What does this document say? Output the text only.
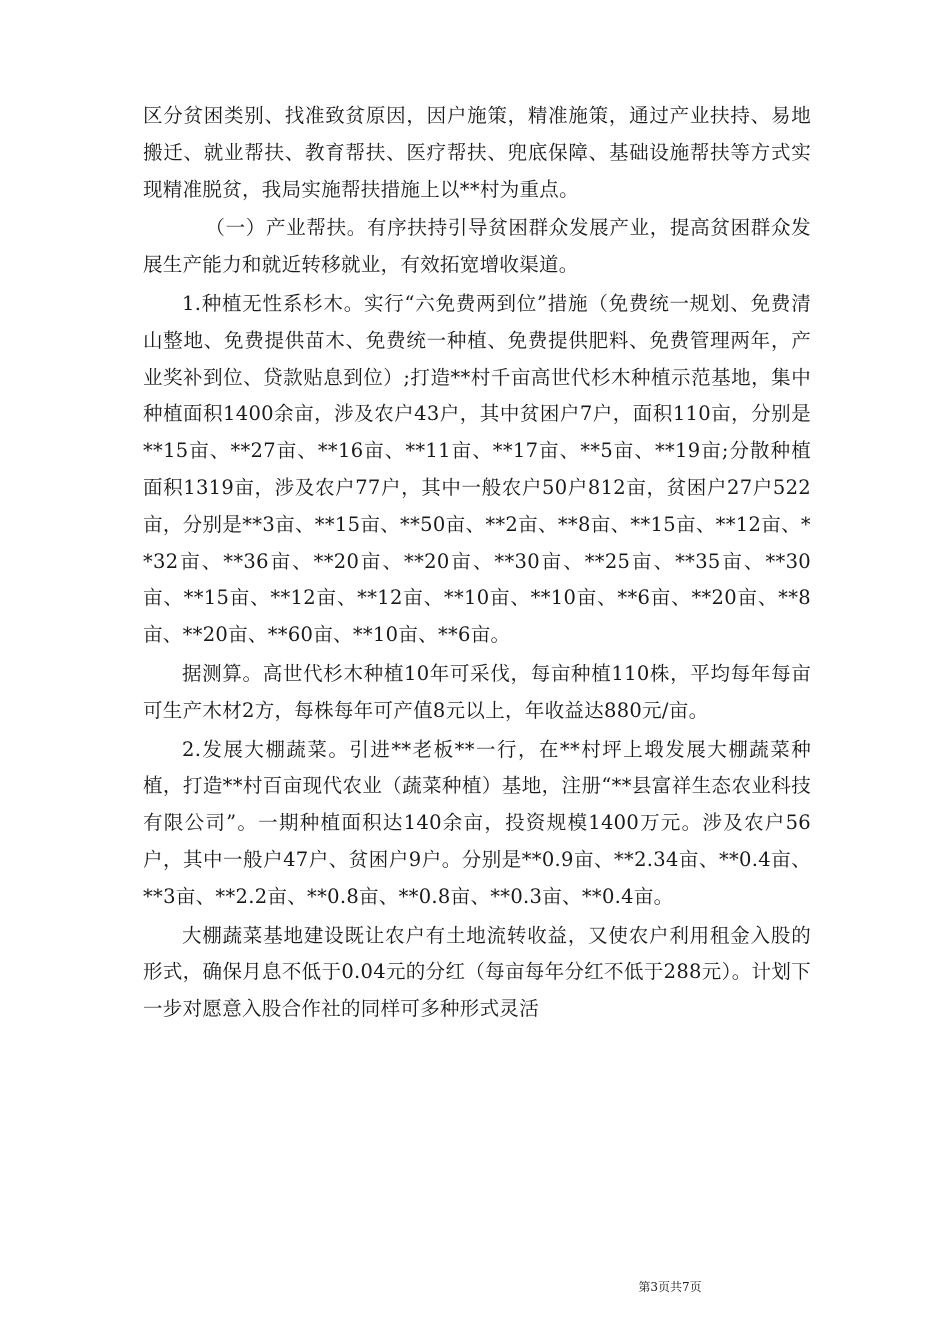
区分贫困类别、找准致贫原因，因户施策，精准施策，通过产业扶持、易地搬迁、就业帮扶、教育帮扶、医疗帮扶、兜底保障、基础设施帮扶等方式实现精准脱贫，我局实施帮扶措施上以**村为重点。

（一）产业帮扶。有序扶持引导贫困群众发展产业，提高贫困群众发展生产能力和就近转移就业，有效拓宽增收渠道。

1.种植无性系杉木。实行“六免费两到位”措施（免费统一规划、免费清山整地、免费提供苗木、免费统一种植、免费提供肥料、免费管理两年，产业奖补到位、贷款贴息到位）;打造**村千亩高世代杉木种植示范基地，集中种植面积1400余亩，涉及农户43户，其中贫困户7户，面积110亩，分别是**15亩、**27亩、**16亩、**11亩、**17亩、**5亩、**19亩;分散种植面积1319亩，涉及农户77户，其中一般农户50户812亩，贫困户27户522亩，分别是**3亩、**15亩、**50亩、**2亩、**8亩、**15亩、**12亩、**32亩、**36亩、**20亩、**20亩、**30亩、**25亩、**35亩、**30亩、**15亩、**12亩、**12亩、**10亩、**10亩、**6亩、**20亩、**8亩、**20亩、**60亩、**10亩、**6亩。

据测算。高世代杉木种植10年可采伐，每亩种植110株，平均每年每亩可生产木材2方，每株每年可产值8元以上，年收益达880元/亩。

2.发展大棚蔬菜。引进**老板**一行，在**村坪上塅发展大棚蔬菜种植，打造**村百亩现代农业（蔬菜种植）基地，注册“**县富祥生态农业科技有限公司”。一期种植面积达140余亩，投资规模1400万元。涉及农户56户，其中一般户47户、贫困户9户。分别是**0.9亩、**2.34亩、**0.4亩、**3亩、**2.2亩、**0.8亩、**0.8亩、**0.3亩、**0.4亩。

大棚蔬菜基地建设既让农户有土地流转收益，又使农户利用租金入股的形式，确保月息不低于0.04元的分红（每亩每年分红不低于288元）。计划下一步对愿意入股合作社的同样可多种形式灵活

第3页共7页
